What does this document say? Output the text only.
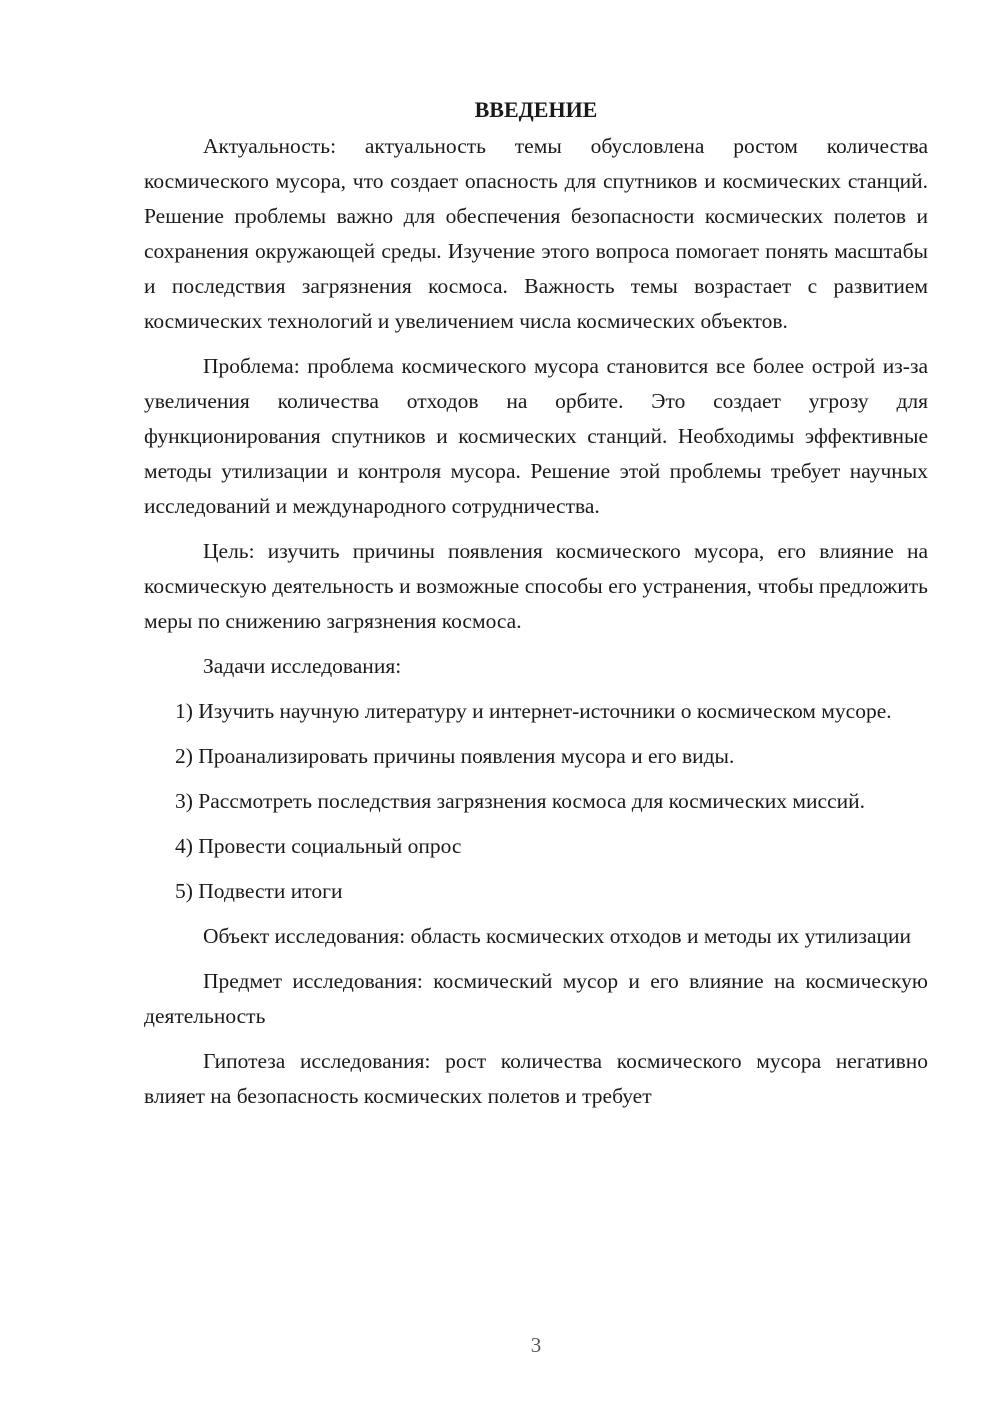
ВВЕДЕНИЕ

Актуальность: актуальность темы обусловлена ростом количества космического мусора, что создает опасность для спутников и космических станций. Решение проблемы важно для обеспечения безопасности космических полетов и сохранения окружающей среды. Изучение этого вопроса помогает понять масштабы и последствия загрязнения космоса. Важность темы возрастает с развитием космических технологий и увеличением числа космических объектов.

Проблема: проблема космического мусора становится все более острой из-за увеличения количества отходов на орбите. Это создает угрозу для функционирования спутников и космических станций. Необходимы эффективные методы утилизации и контроля мусора. Решение этой проблемы требует научных исследований и международного сотрудничества.

Цель: изучить причины появления космического мусора, его влияние на космическую деятельность и возможные способы его устранения, чтобы предложить меры по снижению загрязнения космоса.

Задачи исследования:

1) Изучить научную литературу и интернет-источники о космическом мусоре.

2) Проанализировать причины появления мусора и его виды.

3) Рассмотреть последствия загрязнения космоса для космических миссий.

4) Провести социальный опрос

5) Подвести итоги

Объект исследования: область космических отходов и методы их утилизации

Предмет исследования: космический мусор и его влияние на космическую деятельность

Гипотеза исследования: рост количества космического мусора негативно влияет на безопасность космических полетов и требует

3
